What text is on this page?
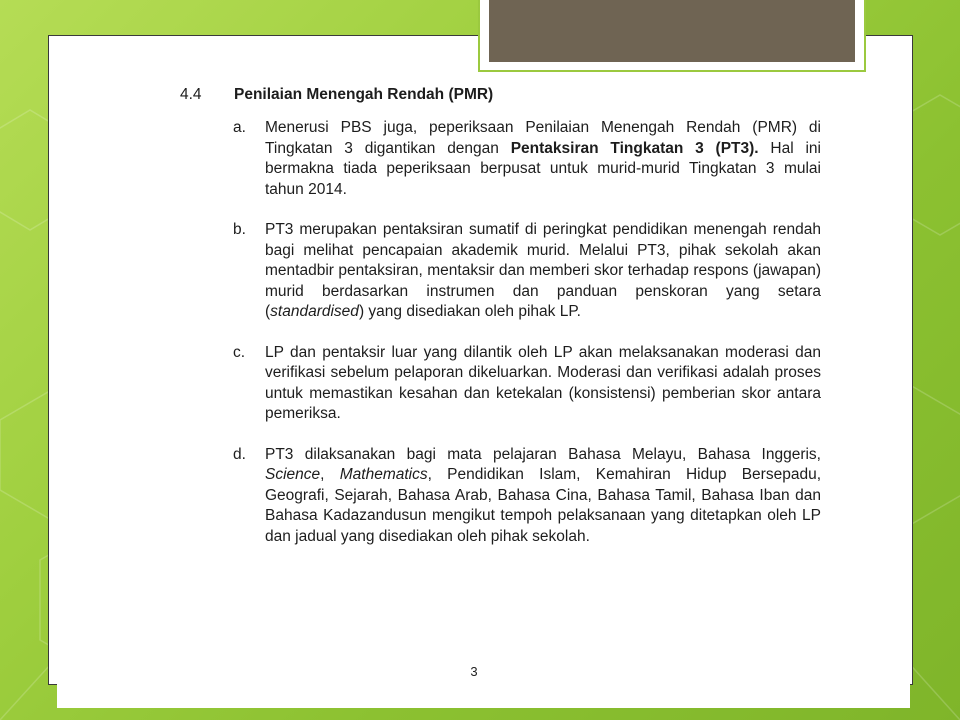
4.4	Penilaian Menengah Rendah (PMR)
a.	Menerusi PBS juga, peperiksaan Penilaian Menengah Rendah (PMR) di Tingkatan 3 digantikan dengan Pentaksiran Tingkatan 3 (PT3). Hal ini bermakna tiada peperiksaan berpusat untuk murid-murid Tingkatan 3 mulai tahun 2014.
b.	PT3 merupakan pentaksiran sumatif di peringkat pendidikan menengah rendah bagi melihat pencapaian akademik murid. Melalui PT3, pihak sekolah akan mentadbir pentaksiran, mentaksir dan memberi skor terhadap respons (jawapan) murid berdasarkan instrumen dan panduan penskoran yang setara (standardised) yang disediakan oleh pihak LP.
c.	LP dan pentaksir luar yang dilantik oleh LP akan melaksanakan moderasi dan verifikasi sebelum pelaporan dikeluarkan. Moderasi dan verifikasi adalah proses untuk memastikan kesahan dan ketekalan (konsistensi) pemberian skor antara pemeriksa.
d.	PT3 dilaksanakan bagi mata pelajaran Bahasa Melayu, Bahasa Inggeris, Science, Mathematics, Pendidikan Islam, Kemahiran Hidup Bersepadu, Geografi, Sejarah, Bahasa Arab, Bahasa Cina, Bahasa Tamil, Bahasa Iban dan Bahasa Kadazandusun mengikut tempoh pelaksanaan yang ditetapkan oleh LP dan jadual yang disediakan oleh pihak sekolah.
3
